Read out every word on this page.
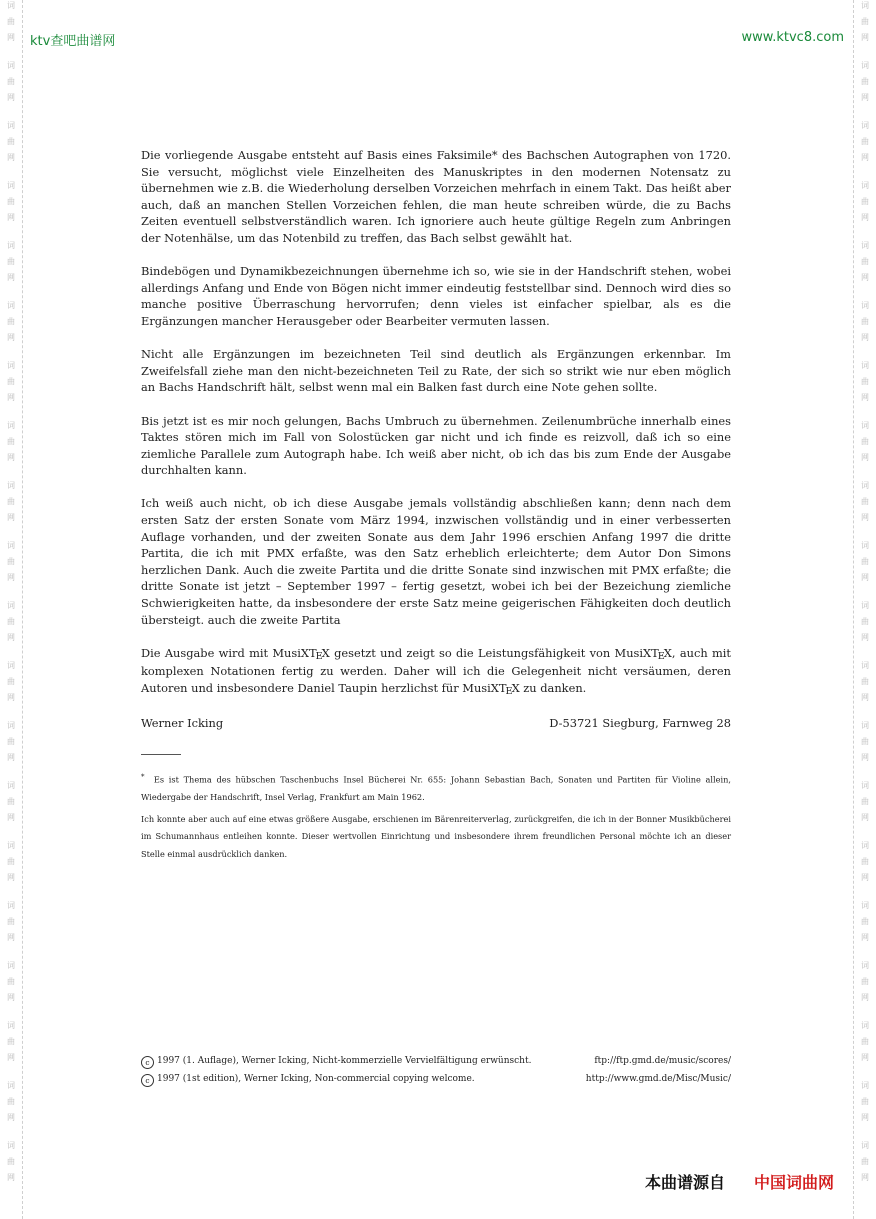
词
曲
网
词
曲
网
词
曲
网
词
曲
网
词
曲
网
词
曲
网
词
曲
网
词
曲
网
词
曲
网
词
曲
网
词
曲
网
词
曲
网
词
曲
网
词
曲
网
词
曲
网
词
曲
网
词
曲
网
词
曲
网
词
曲
网
词
曲
网
词
曲
网
词
曲
网
词
曲
网
词
曲
网
词
曲
网
词
曲
网
词
曲
网
词
曲
网
词
曲
网
词
曲
网
词
曲
网
词
曲
网
词
曲
网
词
曲
网
词
曲
网
词
曲
网
词
曲
网
词
曲
网
词
曲
网
词
曲
网
ktv查吧曲谱网	www.ktvc8.com

Die vorliegende Ausgabe entsteht auf Basis eines Faksimile* des Bachschen Autographen von 1720. Sie versucht, möglichst viele Einzelheiten des Manuskriptes in den modernen Notensatz zu übernehmen wie z.B. die Wiederholung derselben Vorzeichen mehrfach in einem Takt. Das heißt aber auch, daß an manchen Stellen Vorzeichen fehlen, die man heute schreiben würde, die zu Bachs Zeiten eventuell selbstverständlich waren. Ich ignoriere auch heute gültige Regeln zum Anbringen der Notenhälse, um das Notenbild zu treffen, das Bach selbst gewählt hat.

Bindebögen und Dynamikbezeichnungen übernehme ich so, wie sie in der Handschrift stehen, wobei allerdings Anfang und Ende von Bögen nicht immer eindeutig feststellbar sind. Dennoch wird dies so manche positive Überraschung hervorrufen; denn vieles ist einfacher spielbar, als es die Ergänzungen mancher Herausgeber oder Bearbeiter vermuten lassen.

Nicht alle Ergänzungen im bezeichneten Teil sind deutlich als Ergänzungen erkennbar. Im Zweifelsfall ziehe man den nicht-bezeichneten Teil zu Rate, der sich so strikt wie nur eben möglich an Bachs Handschrift hält, selbst wenn mal ein Balken fast durch eine Note gehen sollte.

Bis jetzt ist es mir noch gelungen, Bachs Umbruch zu übernehmen. Zeilenumbrüche innerhalb eines Taktes stören mich im Fall von Solostücken gar nicht und ich finde es reizvoll, daß ich so eine ziemliche Parallele zum Autograph habe. Ich weiß aber nicht, ob ich das bis zum Ende der Ausgabe durchhalten kann.

Ich weiß auch nicht, ob ich diese Ausgabe jemals vollständig abschließen kann; denn nach dem ersten Satz der ersten Sonate vom März 1994, inzwischen vollständig und in einer verbesserten Auflage vorhanden, und der zweiten Sonate aus dem Jahr 1996 erschien Anfang 1997 die dritte Partita, die ich mit PMX erfaßte, was den Satz erheblich erleichterte; dem Autor Don Simons herzlichen Dank. Auch die zweite Partita und die dritte Sonate sind inzwischen mit PMX erfaßte; die dritte Sonate ist jetzt – September 1997 – fertig gesetzt, wobei ich bei der Bezeichung ziemliche Schwierigkeiten hatte, da insbesondere der erste Satz meine geigerischen Fähigkeiten doch deutlich übersteigt. auch die zweite Partita

Die Ausgabe wird mit MusiXTEX gesetzt und zeigt so die Leistungsfähigkeit von MusiXTEX, auch mit komplexen Notationen fertig zu werden. Daher will ich die Gelegenheit nicht versäumen, deren Autoren und insbesondere Daniel Taupin herzlichst für MusiXTEX zu danken.

Werner Icking	D-53721 Siegburg, Farnweg 28

* Es ist Thema des hübschen Taschenbuchs Insel Bücherei Nr. 655: Johann Sebastian Bach, Sonaten und Partiten für Violine allein, Wiedergabe der Handschrift, Insel Verlag, Frankfurt am Main 1962.

Ich konnte aber auch auf eine etwas größere Ausgabe, erschienen im Bärenreiterverlag, zurückgreifen, die ich in der Bonner Musikbücherei im Schumannhaus entleihen konnte. Dieser wertvollen Einrichtung und insbesondere ihrem freundlichen Personal möchte ich an dieser Stelle einmal ausdrücklich danken.

c 1997 (1. Auflage), Werner Icking, Nicht-kommerzielle Vervielfältigung erwünscht.	ftp://ftp.gmd.de/music/scores/
c 1997 (1st edition), Werner Icking, Non-commercial copying welcome.	http://www.gmd.de/Misc/Music/
本曲谱源自 中国词曲网
